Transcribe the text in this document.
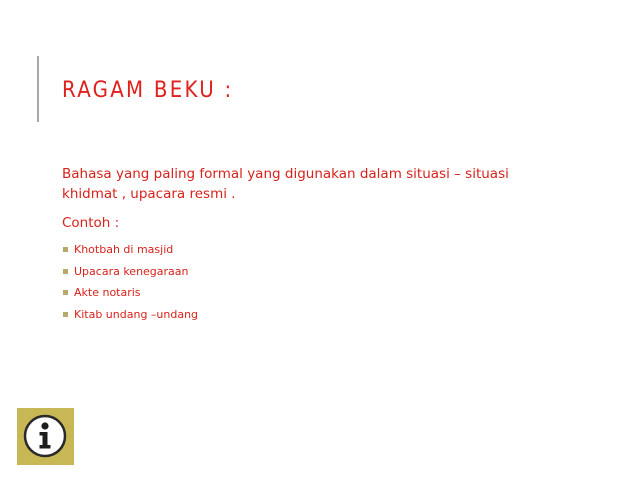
RAGAM BEKU :

Bahasa yang paling formal yang digunakan dalam situasi – situasi khidmat , upacara resmi .

Contoh :

Khotbah di masjid
Upacara kenegaraan
Akte notaris
Kitab undang –undang
